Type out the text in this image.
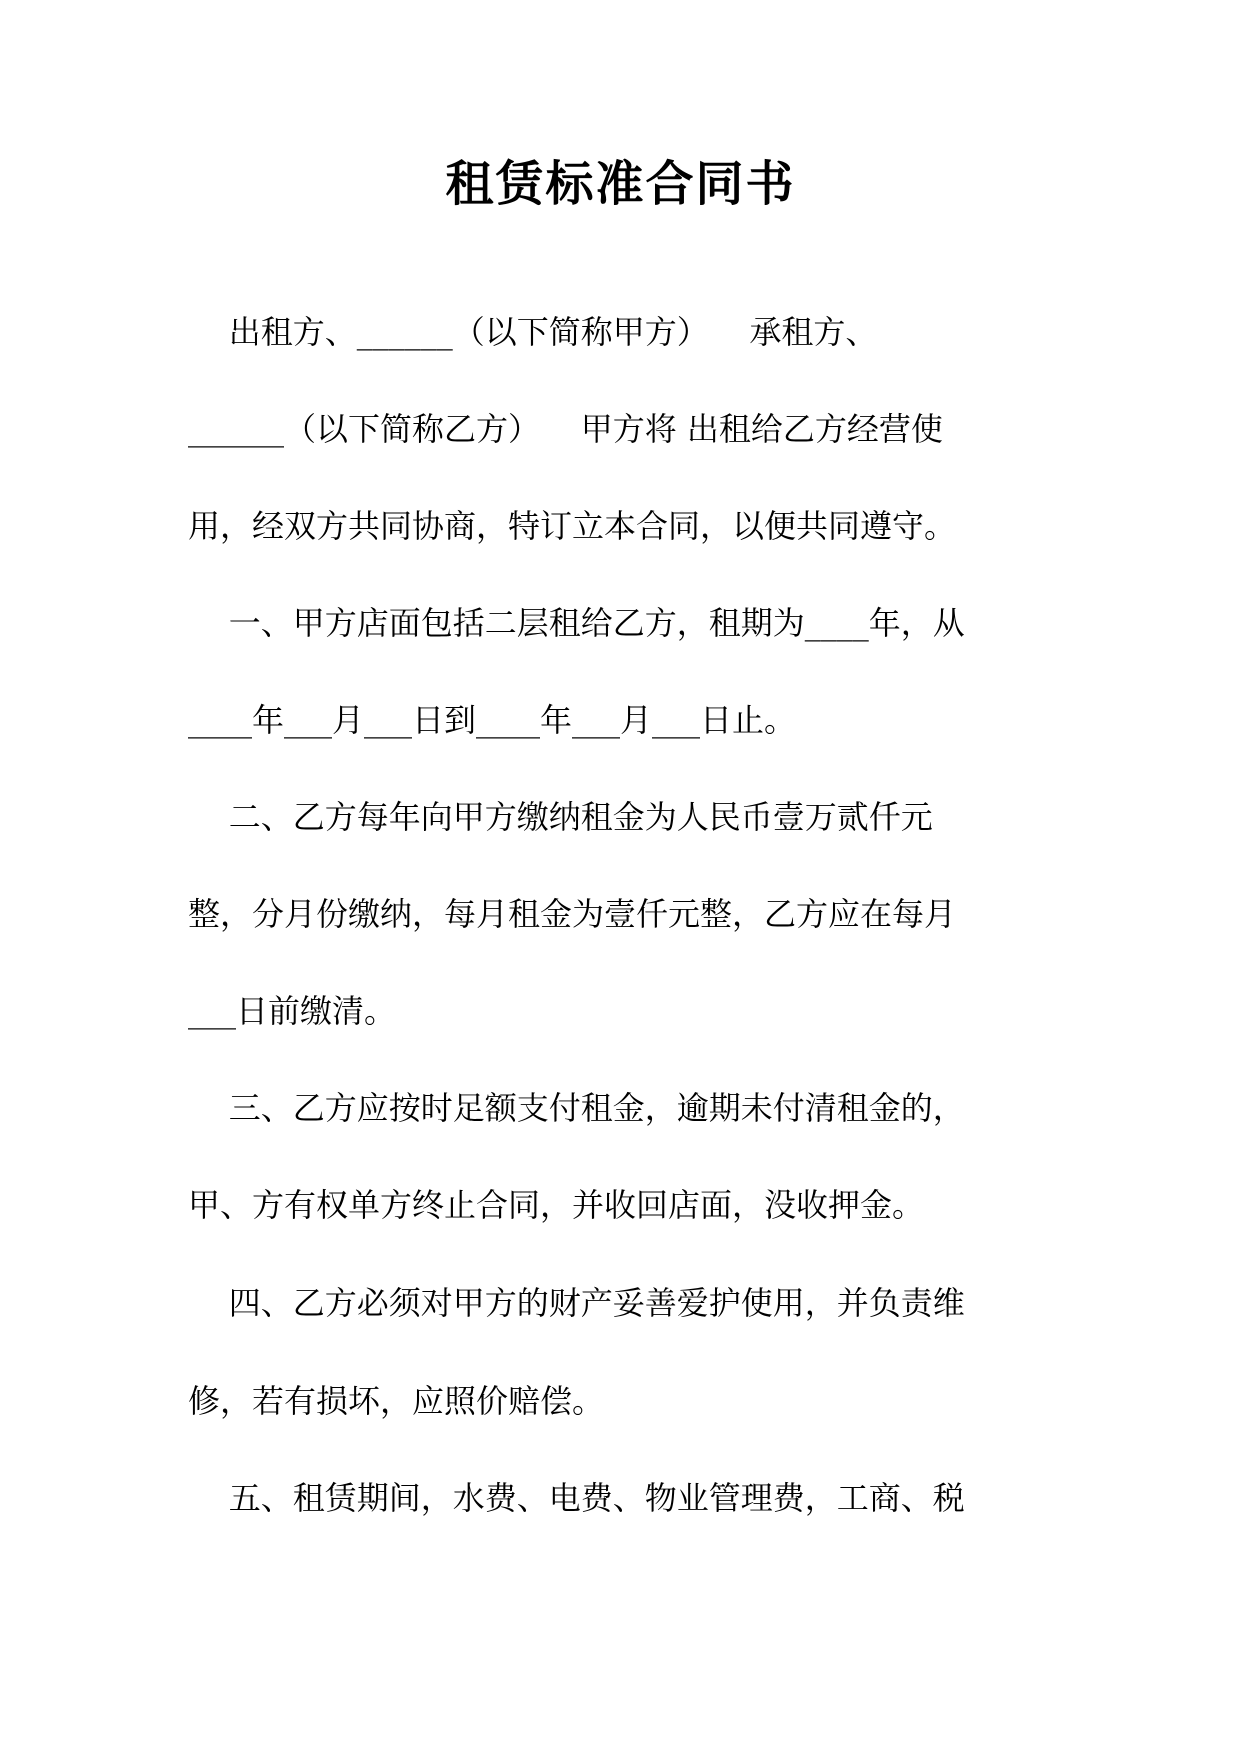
租赁标准合同书
出租方、______（以下简称甲方）    承租方、
______（以下简称乙方）    甲方将 出租给乙方经营使
用，经双方共同协商，特订立本合同，以便共同遵守。
一、甲方店面包括二层租给乙方，租期为____年，从
____年___月___日到____年___月___日止。
二、乙方每年向甲方缴纳租金为人民币壹万贰仟元
整，分月份缴纳，每月租金为壹仟元整，乙方应在每月
___日前缴清。
三、乙方应按时足额支付租金，逾期未付清租金的，
甲、方有权单方终止合同，并收回店面，没收押金。
四、乙方必须对甲方的财产妥善爱护使用，并负责维
修，若有损坏，应照价赔偿。
五、租赁期间，水费、电费、物业管理费，工商、税
